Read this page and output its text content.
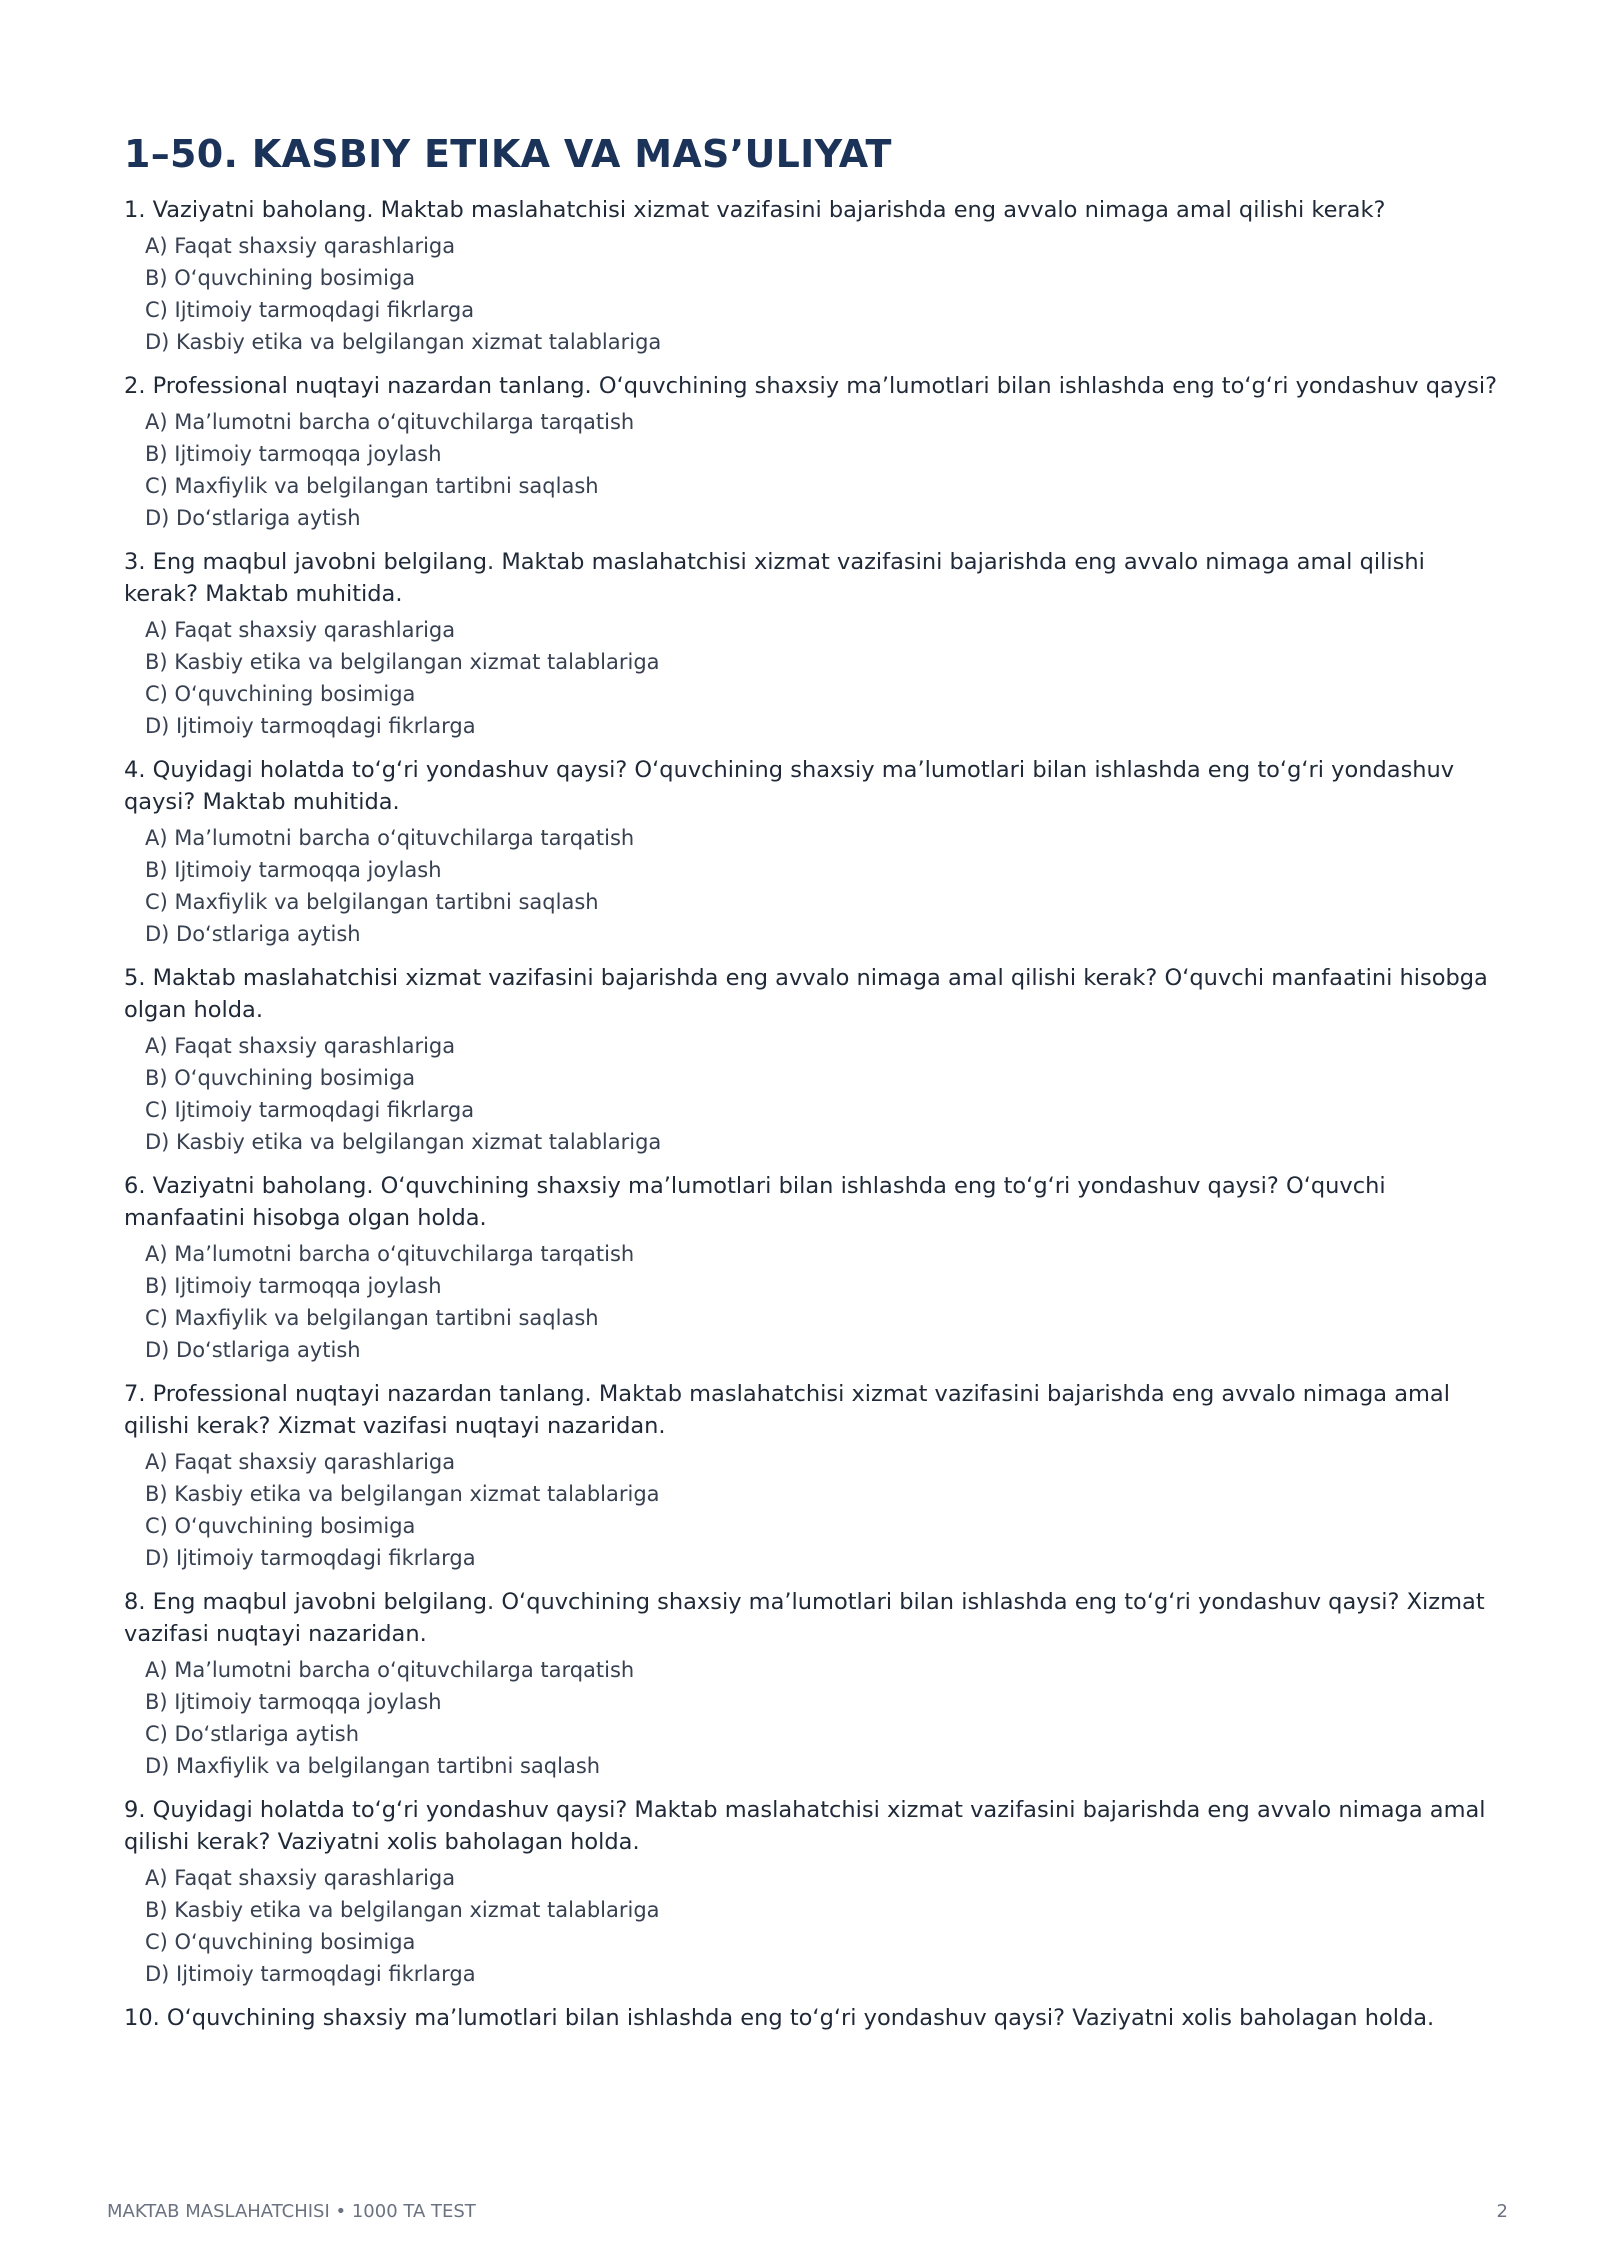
1–50. KASBIY ETIKA VA MAS’ULIYAT

1. Vaziyatni baholang. Maktab maslahatchisi xizmat vazifasini bajarishda eng avvalo nimaga amal qilishi kerak?

A) Faqat shaxsiy qarashlariga
B) O‘quvchining bosimiga
C) Ijtimoiy tarmoqdagi fikrlarga
D) Kasbiy etika va belgilangan xizmat talablariga

2. Professional nuqtayi nazardan tanlang. O‘quvchining shaxsiy ma’lumotlari bilan ishlashda eng to‘g‘ri yondashuv qaysi?

A) Ma’lumotni barcha o‘qituvchilarga tarqatish
B) Ijtimoiy tarmoqqa joylash
C) Maxfiylik va belgilangan tartibni saqlash
D) Do‘stlariga aytish

3. Eng maqbul javobni belgilang. Maktab maslahatchisi xizmat vazifasini bajarishda eng avvalo nimaga amal qilishi kerak? Maktab muhitida.

A) Faqat shaxsiy qarashlariga
B) Kasbiy etika va belgilangan xizmat talablariga
C) O‘quvchining bosimiga
D) Ijtimoiy tarmoqdagi fikrlarga

4. Quyidagi holatda to‘g‘ri yondashuv qaysi? O‘quvchining shaxsiy ma’lumotlari bilan ishlashda eng to‘g‘ri yondashuv qaysi? Maktab muhitida.

A) Ma’lumotni barcha o‘qituvchilarga tarqatish
B) Ijtimoiy tarmoqqa joylash
C) Maxfiylik va belgilangan tartibni saqlash
D) Do‘stlariga aytish

5. Maktab maslahatchisi xizmat vazifasini bajarishda eng avvalo nimaga amal qilishi kerak? O‘quvchi manfaatini hisobga olgan holda.

A) Faqat shaxsiy qarashlariga
B) O‘quvchining bosimiga
C) Ijtimoiy tarmoqdagi fikrlarga
D) Kasbiy etika va belgilangan xizmat talablariga

6. Vaziyatni baholang. O‘quvchining shaxsiy ma’lumotlari bilan ishlashda eng to‘g‘ri yondashuv qaysi? O‘quvchi manfaatini hisobga olgan holda.

A) Ma’lumotni barcha o‘qituvchilarga tarqatish
B) Ijtimoiy tarmoqqa joylash
C) Maxfiylik va belgilangan tartibni saqlash
D) Do‘stlariga aytish

7. Professional nuqtayi nazardan tanlang. Maktab maslahatchisi xizmat vazifasini bajarishda eng avvalo nimaga amal qilishi kerak? Xizmat vazifasi nuqtayi nazaridan.

A) Faqat shaxsiy qarashlariga
B) Kasbiy etika va belgilangan xizmat talablariga
C) O‘quvchining bosimiga
D) Ijtimoiy tarmoqdagi fikrlarga

8. Eng maqbul javobni belgilang. O‘quvchining shaxsiy ma’lumotlari bilan ishlashda eng to‘g‘ri yondashuv qaysi? Xizmat vazifasi nuqtayi nazaridan.

A) Ma’lumotni barcha o‘qituvchilarga tarqatish
B) Ijtimoiy tarmoqqa joylash
C) Do‘stlariga aytish
D) Maxfiylik va belgilangan tartibni saqlash

9. Quyidagi holatda to‘g‘ri yondashuv qaysi? Maktab maslahatchisi xizmat vazifasini bajarishda eng avvalo nimaga amal qilishi kerak? Vaziyatni xolis baholagan holda.

A) Faqat shaxsiy qarashlariga
B) Kasbiy etika va belgilangan xizmat talablariga
C) O‘quvchining bosimiga
D) Ijtimoiy tarmoqdagi fikrlarga

10. O‘quvchining shaxsiy ma’lumotlari bilan ishlashda eng to‘g‘ri yondashuv qaysi? Vaziyatni xolis baholagan holda.

MAKTAB MASLAHATCHISI • 1000 TA TEST	2
